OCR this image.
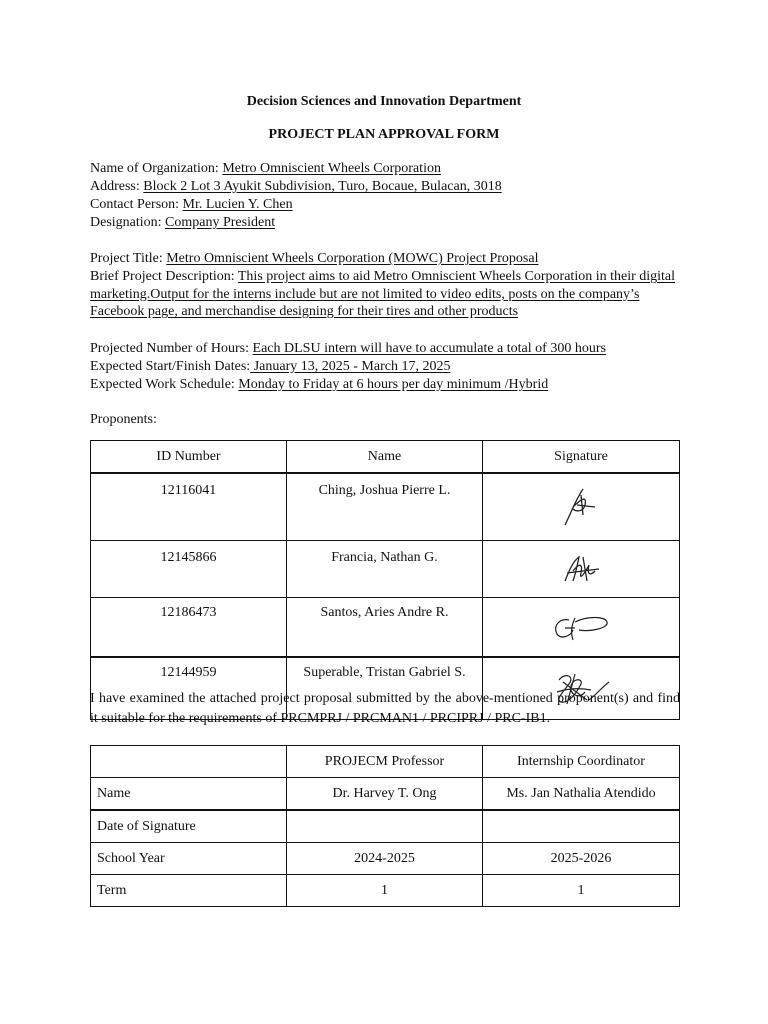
Decision Sciences and Innovation Department
PROJECT PLAN APPROVAL FORM
Name of Organization: Metro Omniscient Wheels Corporation
Address: Block 2 Lot 3 Ayukit Subdivision, Turo, Bocaue, Bulacan, 3018
Contact Person: Mr. Lucien Y. Chen
Designation: Company President
Project Title: Metro Omniscient Wheels Corporation (MOWC) Project Proposal
Brief Project Description: This project aims to aid Metro Omniscient Wheels Corporation in their digital marketing.Output for the interns include but are not limited to video edits, posts on the company’s Facebook page, and merchandise designing for their tires and other products
Projected Number of Hours: Each DLSU intern will have to accumulate a total of 300 hours
Expected Start/Finish Dates: January 13, 2025 - March 17, 2025
Expected Work Schedule: Monday to Friday at 6 hours per day minimum /Hybrid
Proponents:
ID Number	Name	Signature
12116041	Ching, Joshua Pierre L.	

12145866	Francia, Nathan G.	

12186473	Santos, Aries Andre R.	

12144959	Superable, Tristan Gabriel S.	
I have examined the attached project proposal submitted by the above-mentioned proponent(s) and find it suitable for the requirements of PRCMPRJ / PRCMAN1 / PRCIPRJ / PRC-IB1.
	PROJECM Professor	Internship Coordinator
Name	Dr. Harvey T. Ong	Ms. Jan Nathalia Atendido
Date of Signature		
School Year	2024-2025	2025-2026
Term	1	1
